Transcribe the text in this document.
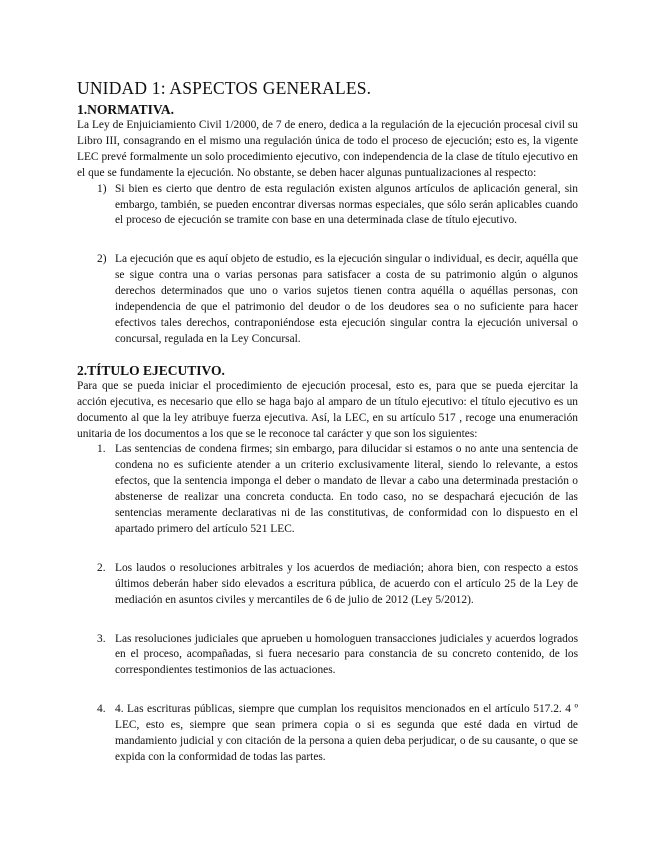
UNIDAD 1: ASPECTOS GENERALES.
1.NORMATIVA.

La Ley de Enjuiciamiento Civil 1/2000, de 7 de enero, dedica a la regulación de la ejecución procesal civil su Libro III, consagrando en el mismo una regulación única de todo el proceso de ejecución; esto es, la vigente LEC prevé formalmente un solo procedimiento ejecutivo, con independencia de la clase de título ejecutivo en el que se fundamente la ejecución. No obstante, se deben hacer algunas puntualizaciones al respecto:

1) Si bien es cierto que dentro de esta regulación existen algunos artículos de aplicación general, sin embargo, también, se pueden encontrar diversas normas especiales, que sólo serán aplicables cuando el proceso de ejecución se tramite con base en una determinada clase de título ejecutivo.
2) La ejecución que es aquí objeto de estudio, es la ejecución singular o individual, es decir, aquélla que se sigue contra una o varias personas para satisfacer a costa de su patrimonio algún o algunos derechos determinados que uno o varios sujetos tienen contra aquélla o aquéllas personas, con independencia de que el patrimonio del deudor o de los deudores sea o no suficiente para hacer efectivos tales derechos, contraponiéndose esta ejecución singular contra la ejecución universal o concursal, regulada en la Ley Concursal.
2.TÍTULO EJECUTIVO.

Para que se pueda iniciar el procedimiento de ejecución procesal, esto es, para que se pueda ejercitar la acción ejecutiva, es necesario que ello se haga bajo al amparo de un título ejecutivo: el título ejecutivo es un documento al que la ley atribuye fuerza ejecutiva. Así, la LEC, en su artículo 517 , recoge una enumeración unitaria de los documentos a los que se le reconoce tal carácter y que son los siguientes:

1. Las sentencias de condena firmes; sin embargo, para dilucidar si estamos o no ante una sentencia de condena no es suficiente atender a un criterio exclusivamente literal, siendo lo relevante, a estos efectos, que la sentencia imponga el deber o mandato de llevar a cabo una determinada prestación o abstenerse de realizar una concreta conducta. En todo caso, no se despachará ejecución de las sentencias meramente declarativas ni de las constitutivas, de conformidad con lo dispuesto en el apartado primero del artículo 521 LEC.
2. Los laudos o resoluciones arbitrales y los acuerdos de mediación; ahora bien, con respecto a estos últimos deberán haber sido elevados a escritura pública, de acuerdo con el artículo 25 de la Ley de mediación en asuntos civiles y mercantiles de 6 de julio de 2012 (Ley 5/2012).
3. Las resoluciones judiciales que aprueben u homologuen transacciones judiciales y acuerdos logrados en el proceso, acompañadas, si fuera necesario para constancia de su concreto contenido, de los correspondientes testimonios de las actuaciones.
4. 4. Las escrituras públicas, siempre que cumplan los requisitos mencionados en el artículo 517.2. 4 º LEC, esto es, siempre que sean primera copia o si es segunda que esté dada en virtud de mandamiento judicial y con citación de la persona a quien deba perjudicar, o de su causante, o que se expida con la conformidad de todas las partes.
